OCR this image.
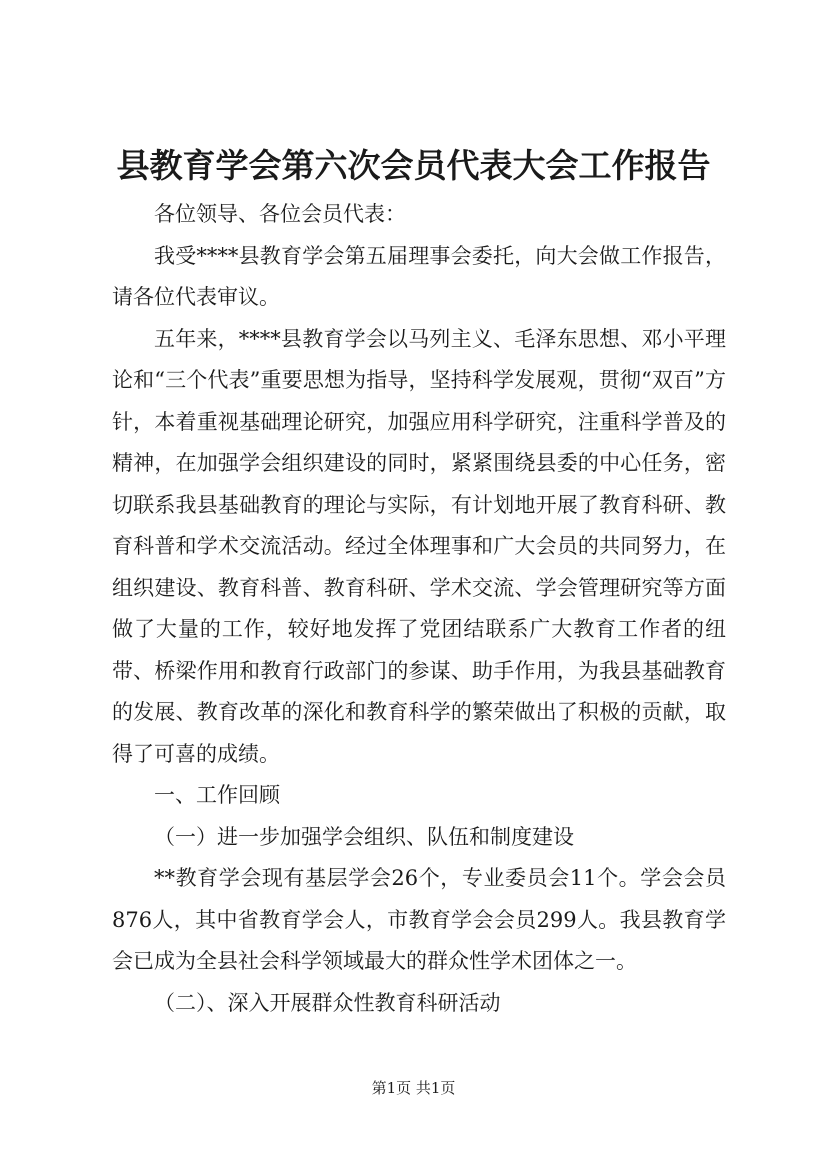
县教育学会第六次会员代表大会工作报告

各位领导、各位会员代表：

我受****县教育学会第五届理事会委托，向大会做工作报告，请各位代表审议。

五年来，****县教育学会以马列主义、毛泽东思想、邓小平理论和“三个代表”重要思想为指导，坚持科学发展观，贯彻“双百”方针，本着重视基础理论研究，加强应用科学研究，注重科学普及的精神，在加强学会组织建设的同时，紧紧围绕县委的中心任务，密切联系我县基础教育的理论与实际，有计划地开展了教育科研、教育科普和学术交流活动。经过全体理事和广大会员的共同努力，在组织建设、教育科普、教育科研、学术交流、学会管理研究等方面做了大量的工作，较好地发挥了党团结联系广大教育工作者的纽带、桥梁作用和教育行政部门的参谋、助手作用，为我县基础教育的发展、教育改革的深化和教育科学的繁荣做出了积极的贡献，取得了可喜的成绩。

一、工作回顾

（一）进一步加强学会组织、队伍和制度建设

**教育学会现有基层学会26个，专业委员会11个。学会会员876人，其中省教育学会人，市教育学会会员299人。我县教育学会已成为全县社会科学领域最大的群众性学术团体之一。

（二）、深入开展群众性教育科研活动

第1页 共1页
